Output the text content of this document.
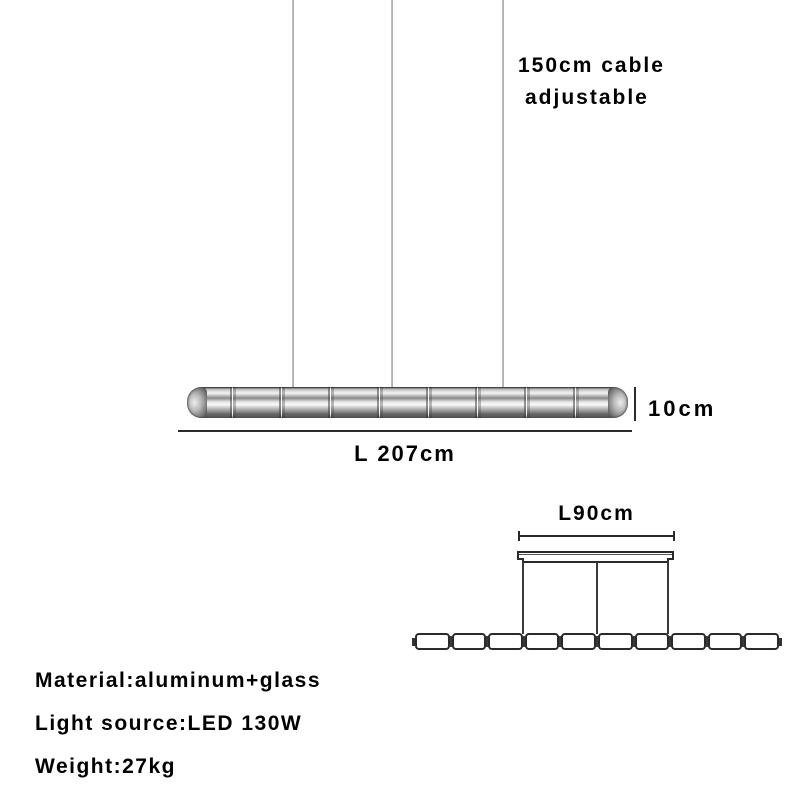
150cm cable
adjustable
10cm
L 207cm
L90cm
Material:aluminum+glass
Light source:LED 130W
Weight:27kg
